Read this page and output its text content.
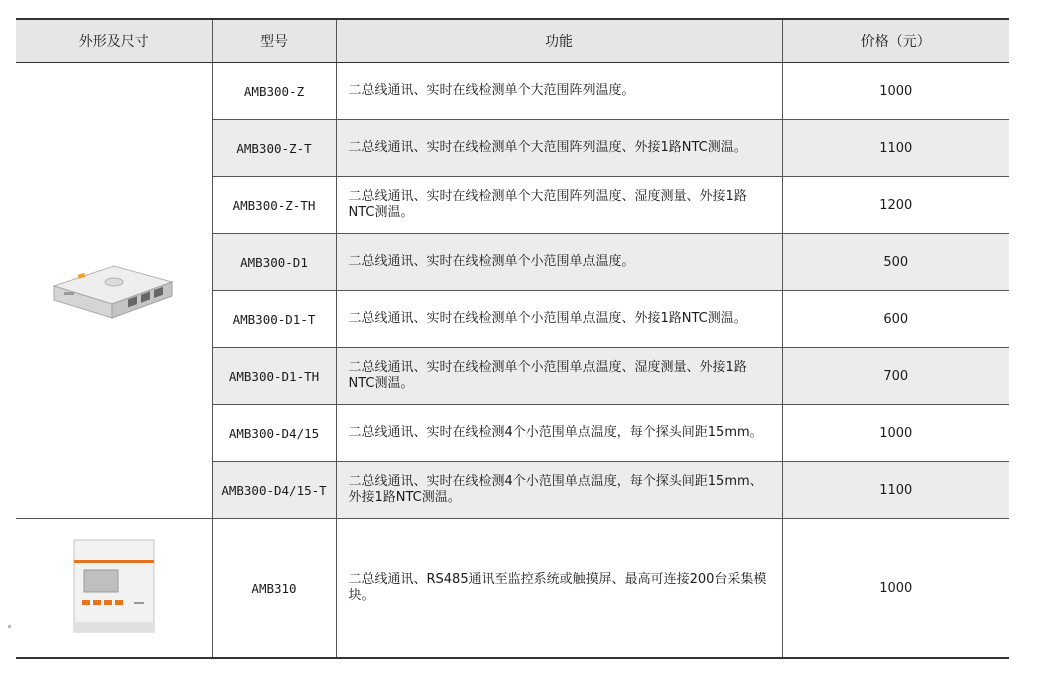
外形及尺寸	型号	功能	价格（元）
	AMB300-Z	二总线通讯、实时在线检测单个大范围阵列温度。	1000
	AMB300-Z-T	二总线通讯、实时在线检测单个大范围阵列温度、外接1路NTC测温。	1100
	AMB300-Z-TH	二总线通讯、实时在线检测单个大范围阵列温度、湿度测量、外接1路NTC测温。	1200
	AMB300-D1	二总线通讯、实时在线检测单个小范围单点温度。	500
	AMB300-D1-T	二总线通讯、实时在线检测单个小范围单点温度、外接1路NTC测温。	600
	AMB300-D1-TH	二总线通讯、实时在线检测单个小范围单点温度、湿度测量、外接1路NTC测温。	700
	AMB300-D4/15	二总线通讯、实时在线检测4个小范围单点温度，每个探头间距15mm。	1000
	AMB300-D4/15-T	二总线通讯、实时在线检测4个小范围单点温度，每个探头间距15mm、外接1路NTC测温。	1100
	AMB310	二总线通讯、RS485通讯至监控系统或触摸屏、最高可连接200台采集模块。	1000
